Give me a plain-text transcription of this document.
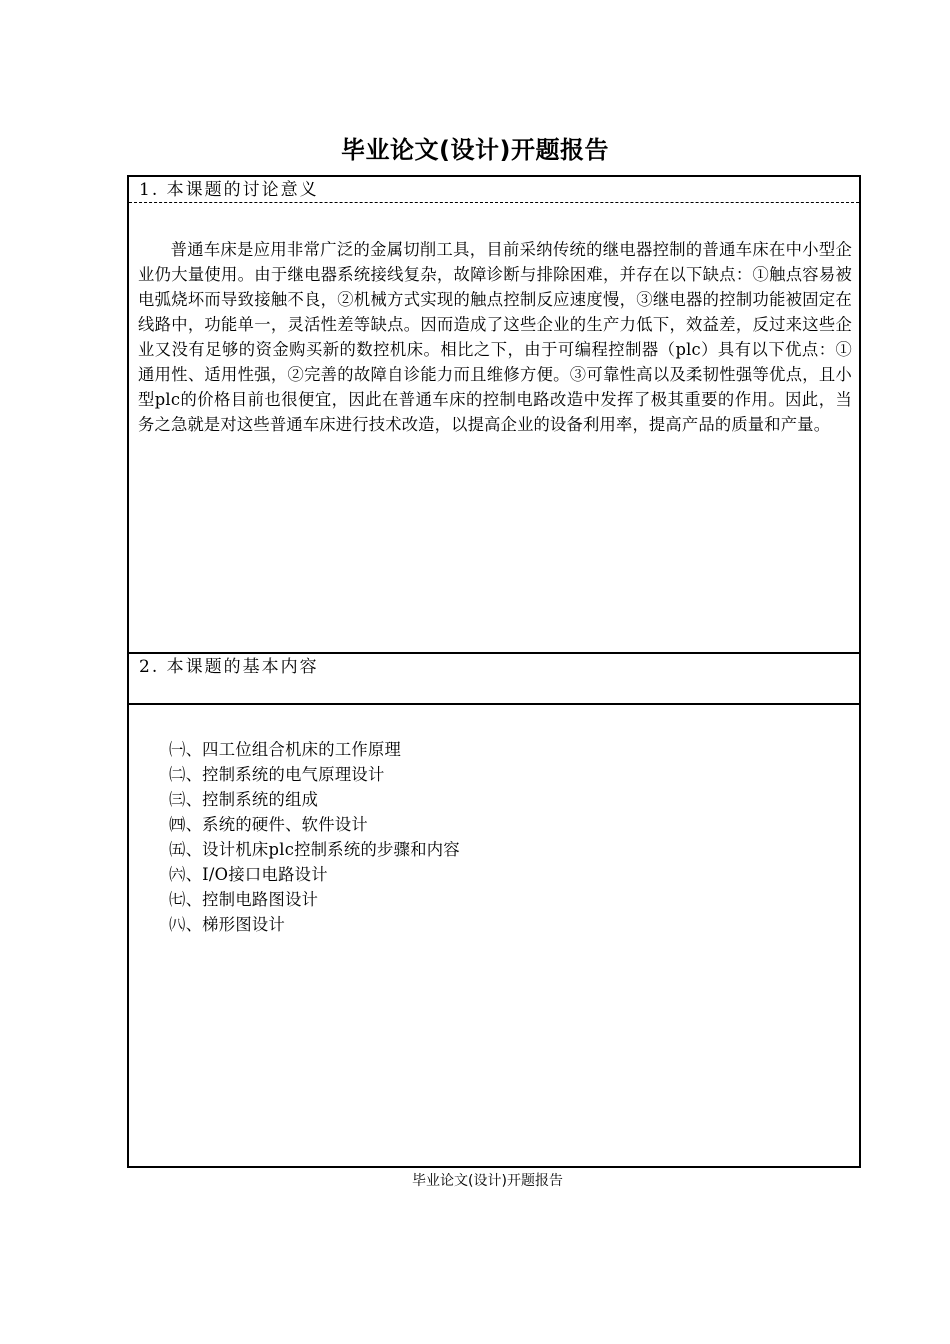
毕业论文(设计)开题报告
1. 本课题的讨论意义
普通车床是应用非常广泛的金属切削工具，目前采纳传统的继电器控制的普通车床在中小型企业仍大量使用。由于继电器系统接线复杂，故障诊断与排除困难，并存在以下缺点：①触点容易被电弧烧坏而导致接触不良，②机械方式实现的触点控制反应速度慢，③继电器的控制功能被固定在线路中，功能单一，灵活性差等缺点。因而造成了这些企业的生产力低下，效益差，反过来这些企业又没有足够的资金购买新的数控机床。相比之下，由于可编程控制器（plc）具有以下优点：①通用性、适用性强，②完善的故障自诊能力而且维修方便。③可靠性高以及柔韧性强等优点，且小型plc的价格目前也很便宜，因此在普通车床的控制电路改造中发挥了极其重要的作用。因此，当务之急就是对这些普通车床进行技术改造，以提高企业的设备利用率，提高产品的质量和产量。
2. 本课题的基本内容
㈠、四工位组合机床的工作原理
㈡、控制系统的电气原理设计
㈢、控制系统的组成
㈣、系统的硬件、软件设计
㈤、设计机床plc控制系统的步骤和内容
㈥、I/O接口电路设计
㈦、控制电路图设计
㈧、梯形图设计
毕业论文(设计)开题报告
